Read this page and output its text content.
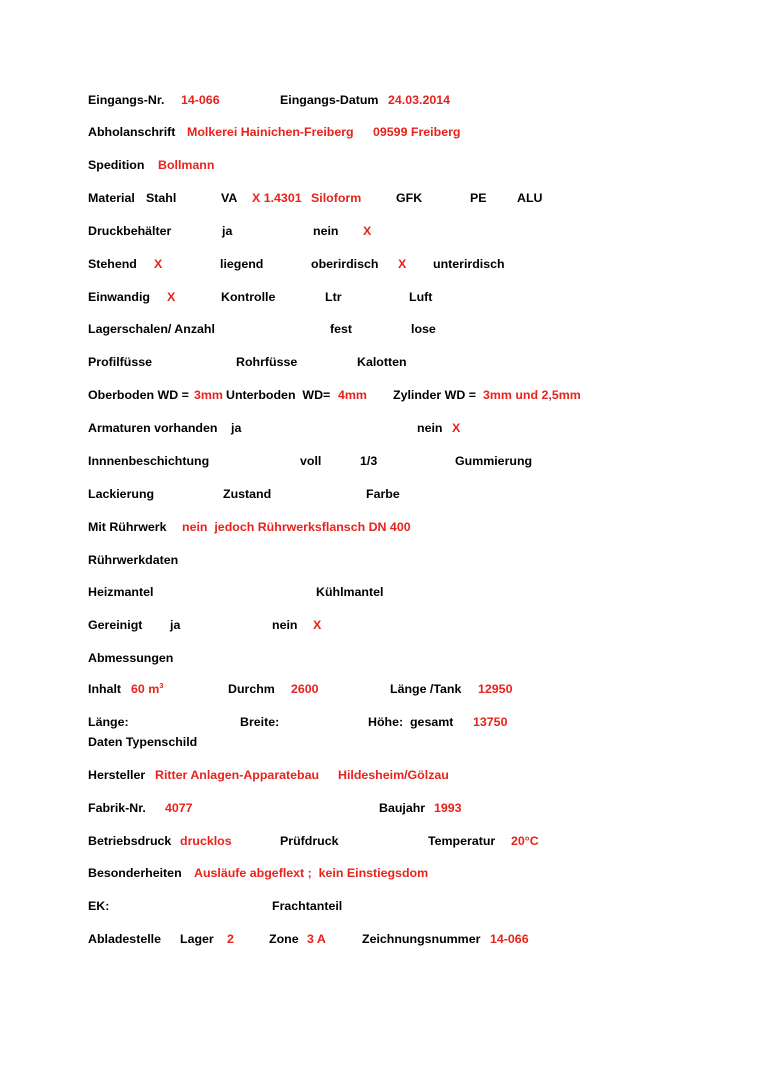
Eingangs-Nr. 14-066	Eingangs-Datum 24.03.2014
Abholanschrift Molkerei Hainichen-Freiberg 09599 Freiberg
Spedition Bollmann
Material Stahl	VA X 1.4301 Siloform	GFK	PE ALU
Druckbehälter	ja	nein X
Stehend X	liegend	oberirdisch X unterirdisch
Einwandig X	Kontrolle	Ltr	Luft
Lagerschalen/ Anzahl	fest	lose
Profilfüsse	Rohrfüsse	Kalotten
Oberboden WD = 3mm Unterboden  WD= 4mm Zylinder WD = 3mm und 2,5mm
Armaturen vorhanden ja	nein X
Innnenbeschichtung	voll	1/3	Gummierung
Lackierung	Zustand	Farbe
Mit Rührwerk nein  jedoch Rührwerksflansch DN 400
Rührwerkdaten
Heizmantel	Kühlmantel
Gereinigt ja	nein X
Abmessungen
Inhalt 60 $m^3$	Durchm 2600	Länge /Tank 12950
Länge:	Breite:	Höhe:  gesamt 13750
Daten Typenschild
Hersteller Ritter Anlagen-Apparatebau Hildesheim/Gölzau
Fabrik-Nr. 4077	Baujahr 1993
Betriebsdruck drucklos	Prüfdruck	Temperatur 20°C
Besonderheiten Ausläufe abgeflext ;  kein Einstiegsdom
EK:	Frachtanteil
Abladestelle Lager 2	Zone 3 A	Zeichnungsnummer 14-066
